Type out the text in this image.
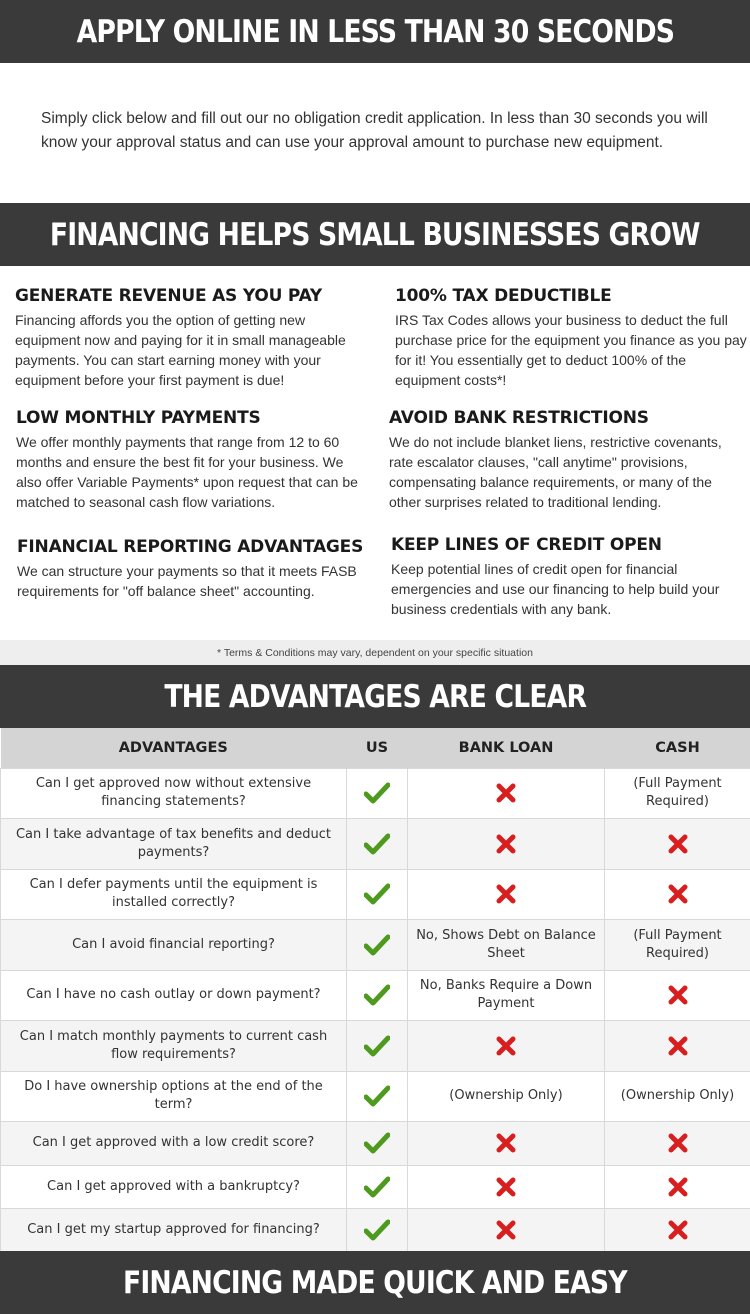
APPLY ONLINE IN LESS THAN 30 SECONDS

Simply click below and fill out our no obligation credit application. In less than 30 seconds you will know your approval status and can use your approval amount to purchase new equipment.

FINANCING HELPS SMALL BUSINESSES GROW
GENERATE REVENUE AS YOU PAY

Financing affords you the option of getting new equipment now and paying for it in small manageable payments. You can start earning money with your equipment before your first payment is due!

100% TAX DEDUCTIBLE

IRS Tax Codes allows your business to deduct the full purchase price for the equipment you finance as you pay for it! You essentially get to deduct 100% of the equipment costs*!

LOW MONTHLY PAYMENTS

We offer monthly payments that range from 12 to 60 months and ensure the best fit for your business. We also offer Variable Payments* upon request that can be matched to seasonal cash flow variations.

AVOID BANK RESTRICTIONS

We do not include blanket liens, restrictive covenants, rate escalator clauses, "call anytime" provisions, compensating balance requirements, or many of the other surprises related to traditional lending.

FINANCIAL REPORTING ADVANTAGES

We can structure your payments so that it meets FASB requirements for "off balance sheet" accounting.

KEEP LINES OF CREDIT OPEN

Keep potential lines of credit open for financial emergencies and use our financing to help build your business credentials with any bank.

* Terms & Conditions may vary, dependent on your specific situation
THE ADVANTAGES ARE CLEAR
ADVANTAGES	US	BANK LOAN	CASH
Can I get approved now without extensive financing statements?			(Full Payment Required)
Can I take advantage of tax benefits and deduct payments?	

Can I defer payments until the equipment is installed correctly?	

Can I avoid financial reporting?		No, Shows Debt on Balance Sheet	(Full Payment Required)
Can I have no cash outlay or down payment?		No, Banks Require a Down Payment	

Can I match monthly payments to current cash flow requirements?	

Do I have ownership options at the end of the term?		(Ownership Only)	(Ownership Only)
Can I get approved with a low credit score?	

Can I get approved with a bankruptcy?	

Can I get my startup approved for financing?	

FINANCING MADE QUICK AND EASY
